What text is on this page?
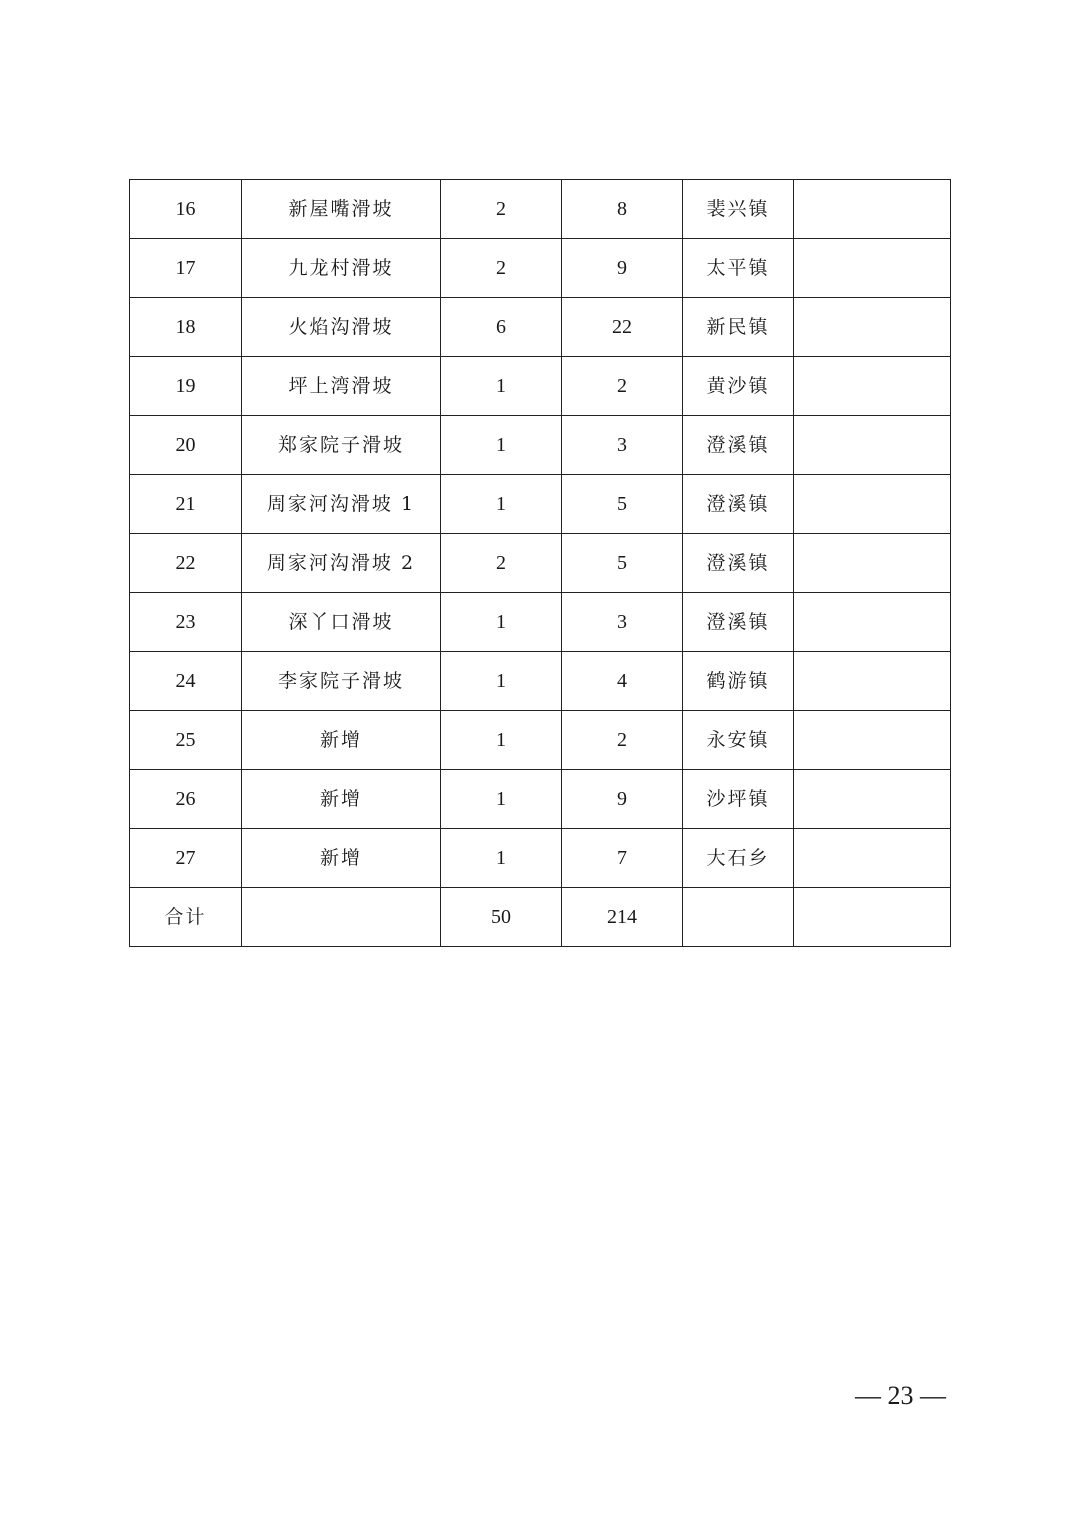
16	新屋嘴滑坡	2	8	裴兴镇	
17	九龙村滑坡	2	9	太平镇	
18	火焰沟滑坡	6	22	新民镇	
19	坪上湾滑坡	1	2	黄沙镇	
20	郑家院子滑坡	1	3	澄溪镇	
21	周家河沟滑坡 1	1	5	澄溪镇	
22	周家河沟滑坡 2	2	5	澄溪镇	
23	深丫口滑坡	1	3	澄溪镇	
24	李家院子滑坡	1	4	鹤游镇	
25	新增	1	2	永安镇	
26	新增	1	9	沙坪镇	
27	新增	1	7	大石乡	
合计		50	214		
— 23 —
